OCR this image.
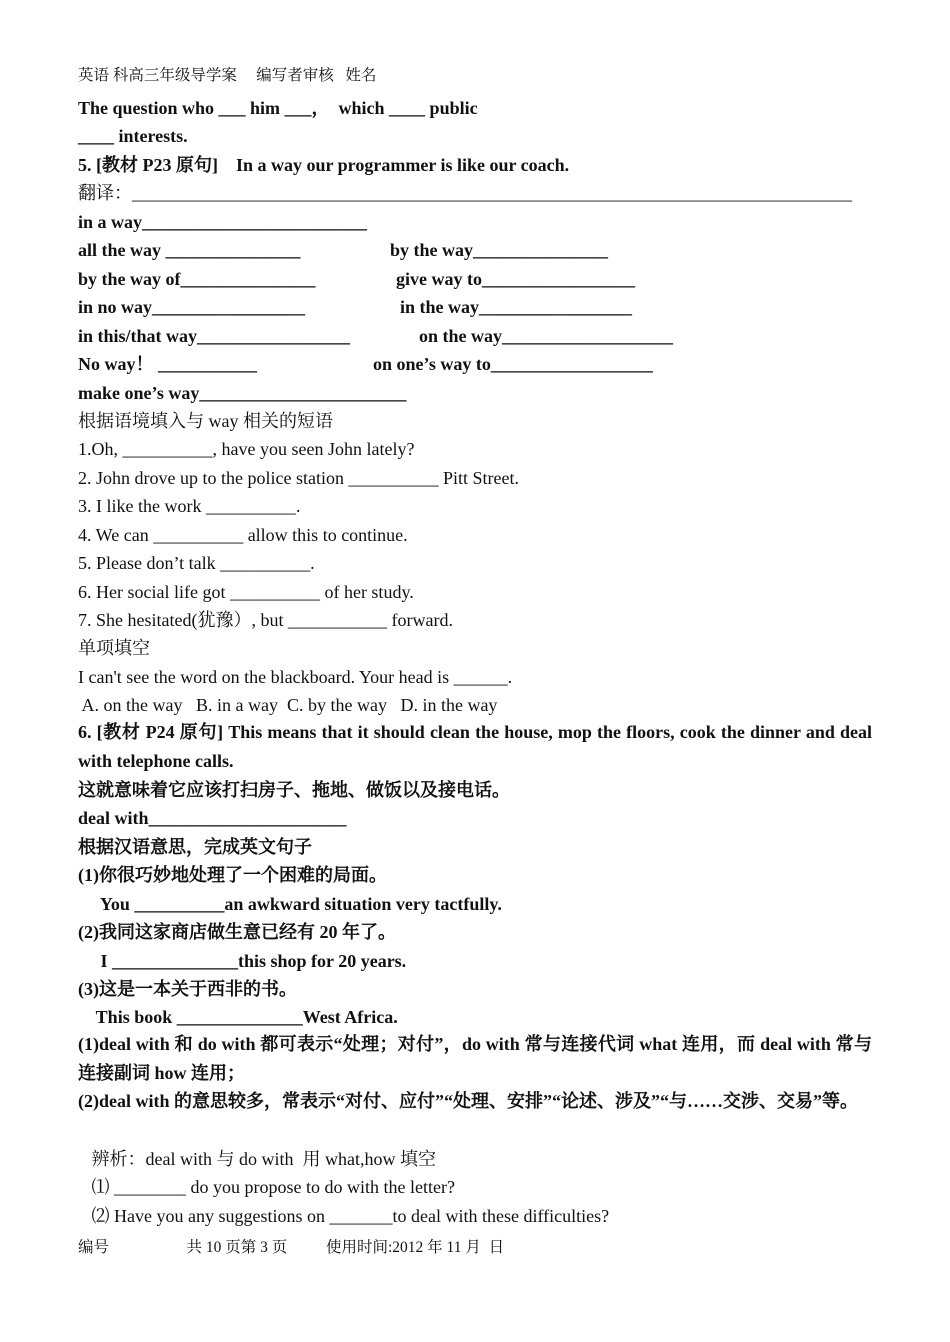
英语 科高三年级导学案     编写者审核   姓名
The question who ___ him ___，  which ____ public
____ interests.
5. [教材 P23 原句]    In a way our programmer is like our coach.
翻译：________________________________________________________________________________
in a way_________________________
all the way _______________	by the way_______________
by the way of_______________	give way to_________________
in no way_________________	in the way_________________
in this/that way_________________	on the way___________________
No way！ ___________	on one’s way to__________________
make one’s way_______________________
根据语境填入与 way 相关的短语
1.Oh, __________, have you seen John lately?
2. John drove up to the police station __________ Pitt Street.
3. I like the work __________.
4. We can __________ allow this to continue.
5. Please don’t talk __________.
6. Her social life got __________ of her study.
7. She hesitated(犹豫）, but ___________ forward.
单项填空
I can't see the word on the blackboard. Your head is ______.
A. on the way   B. in a way  C. by the way   D. in the way
6. [教材 P24 原句] This means that it should clean the house, mop the floors, cook the dinner and deal with telephone calls.
这就意味着它应该打扫房子、拖地、做饭以及接电话。
deal with______________________
根据汉语意思，完成英文句子
(1)你很巧妙地处理了一个困难的局面。
You __________an awkward situation very tactfully.
(2)我同这家商店做生意已经有 20 年了。
I ______________this shop for 20 years.
(3)这是一本关于西非的书。
This book ______________West Africa.
(1)deal with 和 do with 都可表示“处理；对付”，do with 常与连接代词 what 连用，而 deal with 常与连接副词 how 连用；
(2)deal with 的意思较多，常表示“对付、应付”“处理、安排”“论述、涉及”“与……交涉、交易”等。
辨析：deal with 与 do with  用 what,how 填空
⑴ ________ do you propose to do with the letter?
⑵ Have you any suggestions on _______to deal with these difficulties?
编号                    共 10 页第 3 页          使用时间:2012 年 11 月  日
